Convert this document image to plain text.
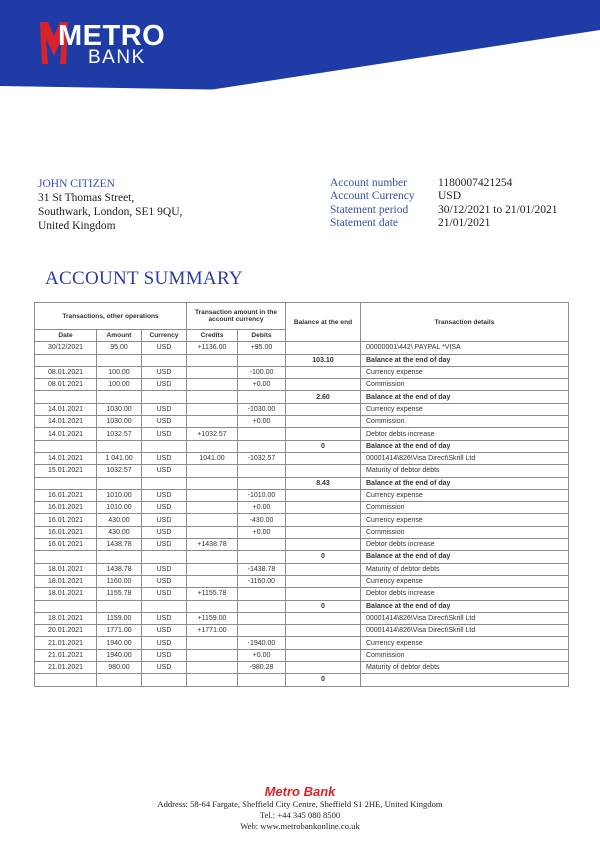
METRO
BANK
JOHN CITIZEN
31 St Thomas Street,
Southwark, London, SE1 9QU,
United Kingdom
Account number	1180007421254
Account Currency	USD
Statement period	30/12/2021 to 21/01/2021
Statement date	21/01/2021
ACCOUNT SUMMARY
Transactions, other operations			Transaction amount in the account currency		Balance at the end	Transaction details
Date	Amount	Currency	Credits	Debits		
30/12/2021	95.00	USD	+1136.00	+95.00		00000001\442\ PAYPAL *VISA
					103.10	Balance at the end of day
08.01.2021	100.00	USD		-100.00		Currency expense
08.01.2021	100.00	USD		+0.00		Commission
					2.60	Balance at the end of day
14.01.2021	1030.00	USD		-1030.00		Currency expense
14.01.2021	1030.00	USD		+0.00		Commission
14.01.2021	1032.57	USD	+1032.57			Debtor debts increase
					0	Balance at the end of day
14.01.2021	1 041.00	USD	1041.00	-1032.57		00001414\826\Visa Direct\Skrill Ltd
15.01.2021	1032.57	USD				Maturity of debtor debts
					8.43	Balance at the end of day
16.01.2021	1010.00	USD		-1010.00		Currency expense
16.01.2021	1010.00	USD		+0.00		Commission
16.01.2021	430.00	USD		-430.00		Currency expense
16.01.2021	430.00	USD		+0.00		Commission
16.01.2021	1438.78	USD	+1438.78			Debtor debts increase
					0	Balance at the end of day
18.01.2021	1438.78	USD		-1438.78		Maturity of debtor debts
18.01.2021	1160.00	USD		-1160.00		Currency expense
18.01.2021	1155.78	USD	+1155.78			Debtor debts increase
					0	Balance at the end of day
18.01.2021	1159.00	USD	+1159.00			00001414\826\Visa Direct\Skrill Ltd
20.01.2021	1771.00	USD	+1771.00			00001414\826\Visa Direct\Skrill Ltd
21.01.2021	1940.00	USD		-1940.00		Currency expense
21.01.2021	1940.00	USD		+0.00		Commission
21.01.2021	980.00	USD		-980.28		Maturity of debtor debts
					0	
Metro Bank
Address: 58-64 Fargate, Sheffield City Centre, Sheffield S1 2HE, United Kingdom
Tel.: +44 345 080 8500
Web: www.metrobankonline.co.uk
